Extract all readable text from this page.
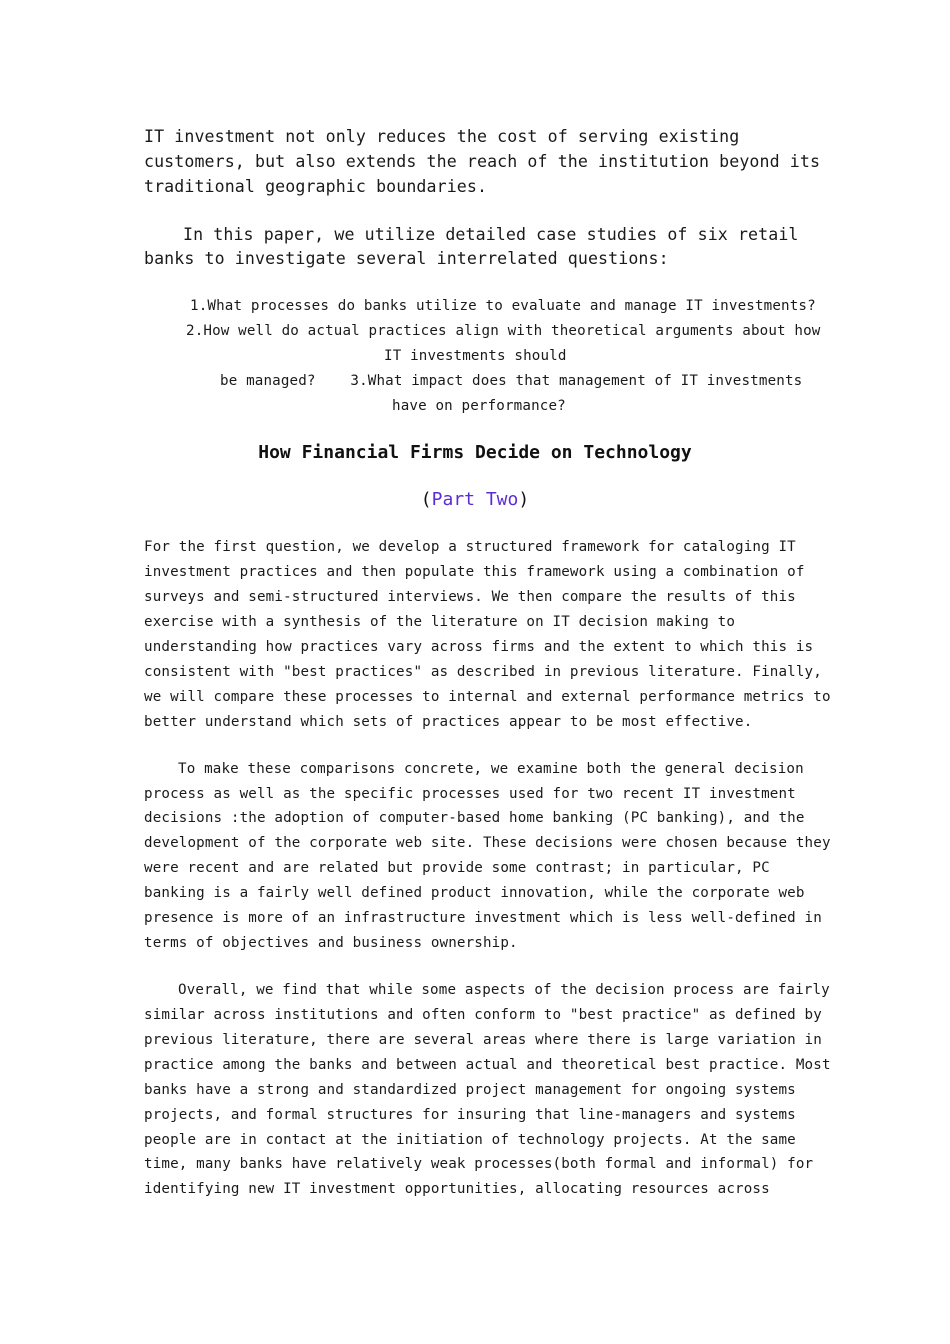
IT investment not only reduces the cost of serving existing
customers, but also extends the reach of the institution beyond its
traditional geographic boundaries.
In this paper, we utilize detailed case studies of six retail
banks to investigate several interrelated questions:
1.What processes do banks utilize to evaluate and manage IT investments?
2.How well do actual practices align with theoretical arguments about how
IT investments should
be managed?    3.What impact does that management of IT investments
have on performance?
How Financial Firms Decide on Technology
(Part Two)
For the first question, we develop a structured framework for cataloging IT
investment practices and then populate this framework using a combination of
surveys and semi-structured interviews. We then compare the results of this
exercise with a synthesis of the literature on IT decision making to
understanding how practices vary across firms and the extent to which this is
consistent with "best practices" as described in previous literature. Finally,
we will compare these processes to internal and external performance metrics to
better understand which sets of practices appear to be most effective.
To make these comparisons concrete, we examine both the general decision
process as well as the specific processes used for two recent IT investment
decisions :the adoption of computer-based home banking (PC banking), and the
development of the corporate web site. These decisions were chosen because they
were recent and are related but provide some contrast; in particular, PC
banking is a fairly well defined product innovation, while the corporate web
presence is more of an infrastructure investment which is less well-defined in
terms of objectives and business ownership.
Overall, we find that while some aspects of the decision process are fairly
similar across institutions and often conform to "best practice" as defined by
previous literature, there are several areas where there is large variation in
practice among the banks and between actual and theoretical best practice. Most
banks have a strong and standardized project management for ongoing systems
projects, and formal structures for insuring that line-managers and systems
people are in contact at the initiation of technology projects. At the same
time, many banks have relatively weak processes(both formal and informal) for
identifying new IT investment opportunities, allocating resources across
